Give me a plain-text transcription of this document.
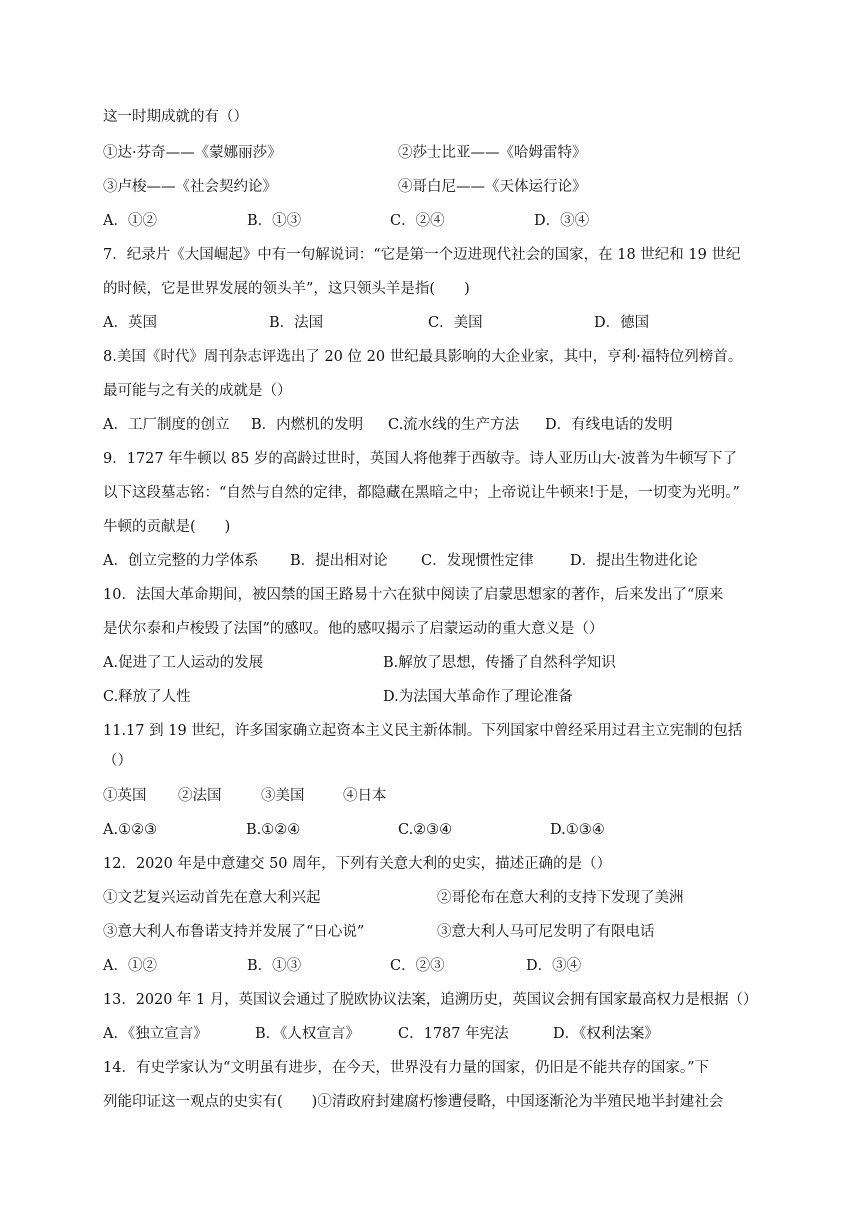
这一时期成就的有（）
①达·芬奇——《蒙娜丽莎》	②莎士比亚——《哈姆雷特》
③卢梭——《社会契约论》	④哥白尼——《天体运行论》
A．①②	B．①③	C．②④	D．③④
7．纪录片《大国崛起》中有一句解说词：“它是第一个迈进现代社会的国家，在 18 世纪和 19 世纪
的时候，它是世界发展的领头羊”，这只领头羊是指(　　)
A．英国	B．法国	C．美国	D．德国
8.美国《时代》周刊杂志评选出了 20 位 20 世纪最具影响的大企业家，其中，亨利·福特位列榜首。
最可能与之有关的成就是（）
A．工厂制度的创立 B．内燃机的发明 C.流水线的生产方法 D．有线电话的发明
9．1727 年牛顿以 85 岁的高龄过世时，英国人将他葬于西敏寺。诗人亚历山大·波普为牛顿写下了
以下这段墓志铭：“自然与自然的定律，都隐藏在黑暗之中；上帝说让牛顿来!于是，一切变为光明。”
牛顿的贡献是(　　)
A．创立完整的力学体系 B．提出相对论 C．发现惯性定律	D．提出生物进化论
10．法国大革命期间，被囚禁的国王路易十六在狱中阅读了启蒙思想家的著作，后来发出了“原来
是伏尔泰和卢梭毁了法国”的感叹。他的感叹揭示了启蒙运动的重大意义是（）
A.促进了工人运动的发展	B.解放了思想，传播了自然科学知识
C.释放了人性	D.为法国大革命作了理论准备
11.17 到 19 世纪，许多国家确立起资本主义民主新体制。下列国家中曾经采用过君主立宪制的包括
（）
①英国 ②法国	③美国	④日本
A.①②③	B.①②④	C.②③④	D.①③④
12．2020 年是中意建交 50 周年，下列有关意大利的史实，描述正确的是（）
①文艺复兴运动首先在意大利兴起	②哥伦布在意大利的支持下发现了美洲
③意大利人布鲁诺支持并发展了“日心说”	③意大利人马可尼发明了有限电话
A．①②	B．①③	C．②③	D．③④
13．2020 年 1 月，英国议会通过了脱欧协议法案，追溯历史，英国议会拥有国家最高权力是根据（）
A．《独立宣言》	B．《人权宣言》	C．1787 年宪法	D．《权利法案》
14．有史学家认为“文明虽有进步，在今天，世界没有力量的国家，仍旧是不能共存的国家。”下
列能印证这一观点的史实有(　　)①清政府封建腐朽惨遭侵略，中国逐渐沦为半殖民地半封建社会
